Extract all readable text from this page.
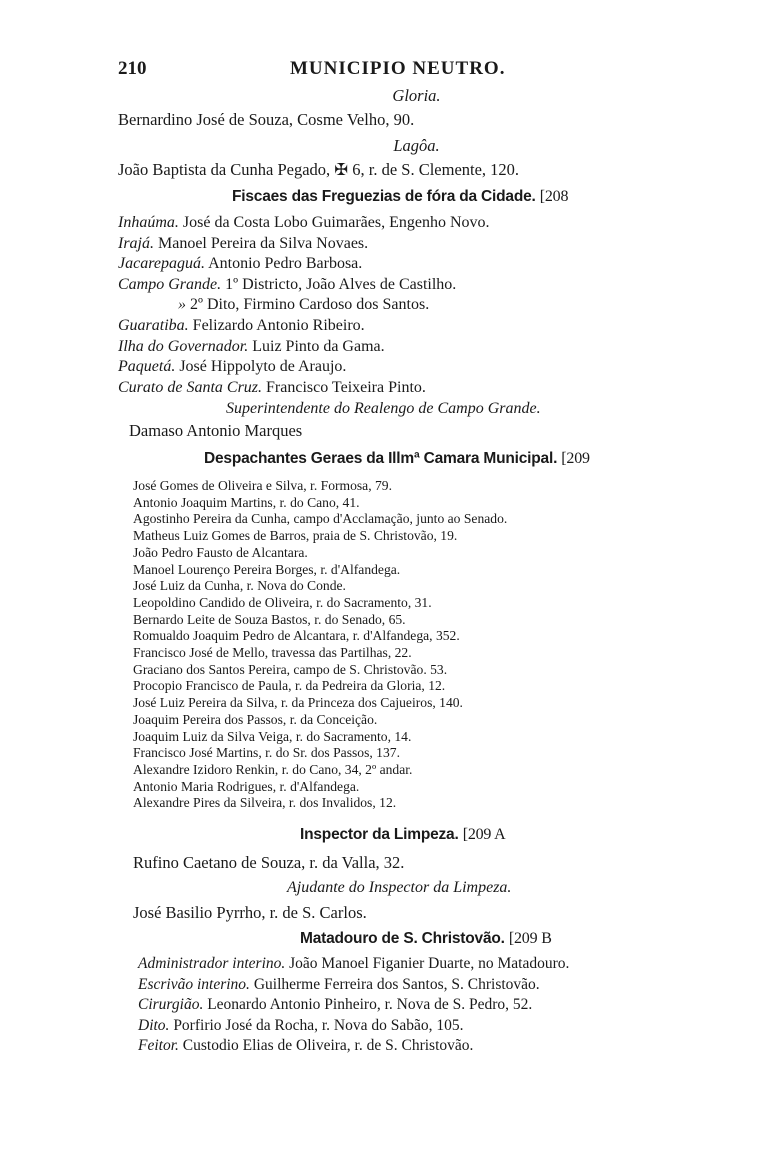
210	MUNICIPIO NEUTRO.
Gloria.
Bernardino José de Souza, Cosme Velho, 90.
Lagôa.
João Baptista da Cunha Pegado, ✠ 6, r. de S. Clemente, 120.
Fiscaes das Freguezias de fóra da Cidade. [208
Inhaúma. José da Costa Lobo Guimarães, Engenho Novo.
Irajá. Manoel Pereira da Silva Novaes.
Jacarepaguá. Antonio Pedro Barbosa.
Campo Grande. 1º Districto, João Alves de Castilho.
» 2º Dito, Firmino Cardoso dos Santos.
Guaratiba. Felizardo Antonio Ribeiro.
Ilha do Governador. Luiz Pinto da Gama.
Paquetá. José Hippolyto de Araujo.
Curato de Santa Cruz. Francisco Teixeira Pinto.
Superintendente do Realengo de Campo Grande.
Damaso Antonio Marques
Despachantes Geraes da Illmª Camara Municipal. [209
José Gomes de Oliveira e Silva, r. Formosa, 79.
Antonio Joaquim Martins, r. do Cano, 41.
Agostinho Pereira da Cunha, campo d'Acclamação, junto ao Senado.
Matheus Luiz Gomes de Barros, praia de S. Christovão, 19.
João Pedro Fausto de Alcantara.
Manoel Lourenço Pereira Borges, r. d'Alfandega.
José Luiz da Cunha, r. Nova do Conde.
Leopoldino Candido de Oliveira, r. do Sacramento, 31.
Bernardo Leite de Souza Bastos, r. do Senado, 65.
Romualdo Joaquim Pedro de Alcantara, r. d'Alfandega, 352.
Francisco José de Mello, travessa das Partilhas, 22.
Graciano dos Santos Pereira, campo de S. Christovão. 53.
Procopio Francisco de Paula, r. da Pedreira da Gloria, 12.
José Luiz Pereira da Silva, r. da Princeza dos Cajueiros, 140.
Joaquim Pereira dos Passos, r. da Conceição.
Joaquim Luiz da Silva Veiga, r. do Sacramento, 14.
Francisco José Martins, r. do Sr. dos Passos, 137.
Alexandre Izidoro Renkin, r. do Cano, 34, 2º andar.
Antonio Maria Rodrigues, r. d'Alfandega.
Alexandre Pires da Silveira, r. dos Invalidos, 12.
Inspector da Limpeza. [209 A
Rufino Caetano de Souza, r. da Valla, 32.
Ajudante do Inspector da Limpeza.
José Basilio Pyrrho, r. de S. Carlos.
Matadouro de S. Christovão. [209 B
Administrador interino. João Manoel Figanier Duarte, no Matadouro.
Escrivão interino. Guilherme Ferreira dos Santos, S. Christovão.
Cirurgião. Leonardo Antonio Pinheiro, r. Nova de S. Pedro, 52.
Dito. Porfirio José da Rocha, r. Nova do Sabão, 105.
Feitor. Custodio Elias de Oliveira, r. de S. Christovão.
